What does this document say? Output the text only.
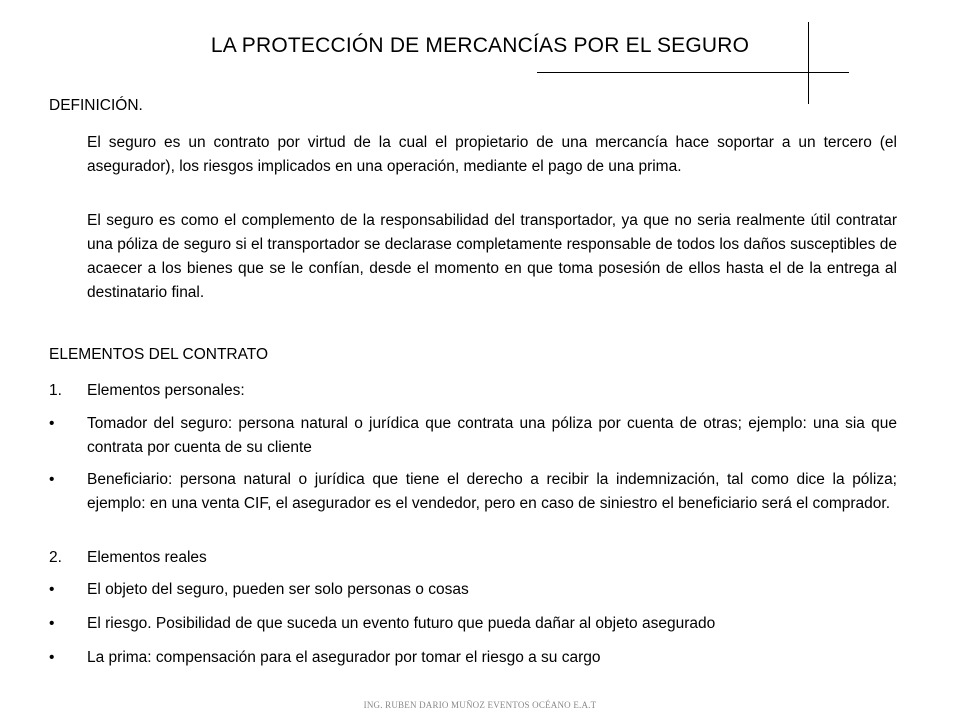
LA PROTECCIÓN DE MERCANCÍAS POR EL SEGURO
DEFINICIÓN.
El seguro es un contrato por virtud de la cual el propietario de una mercancía hace soportar a un tercero (el asegurador), los riesgos implicados en una operación, mediante el pago de una prima.
El seguro es como el complemento de la responsabilidad del transportador, ya que no seria realmente útil contratar una póliza de seguro si el transportador se declarase completamente responsable de todos los daños susceptibles de acaecer a los bienes que se le confían, desde el momento en que toma posesión de ellos hasta el de la entrega al destinatario final.
ELEMENTOS DEL CONTRATO
1. Elementos personales:
• Tomador del seguro: persona natural o jurídica que contrata una póliza por cuenta de otras; ejemplo: una sia que contrata por cuenta de su cliente
• Beneficiario: persona natural o jurídica que tiene el derecho a recibir la indemnización, tal como dice la póliza; ejemplo: en una venta CIF, el asegurador es el vendedor, pero en caso de siniestro el beneficiario será el comprador.
2. Elementos reales
• El objeto del seguro, pueden ser solo personas o cosas
• El riesgo. Posibilidad de que suceda un evento futuro que pueda dañar al objeto asegurado
• La prima: compensación para el asegurador por tomar el riesgo a su cargo
ING. RUBEN DARIO MUÑOZ EVENTOS OCÉANO E.A.T
